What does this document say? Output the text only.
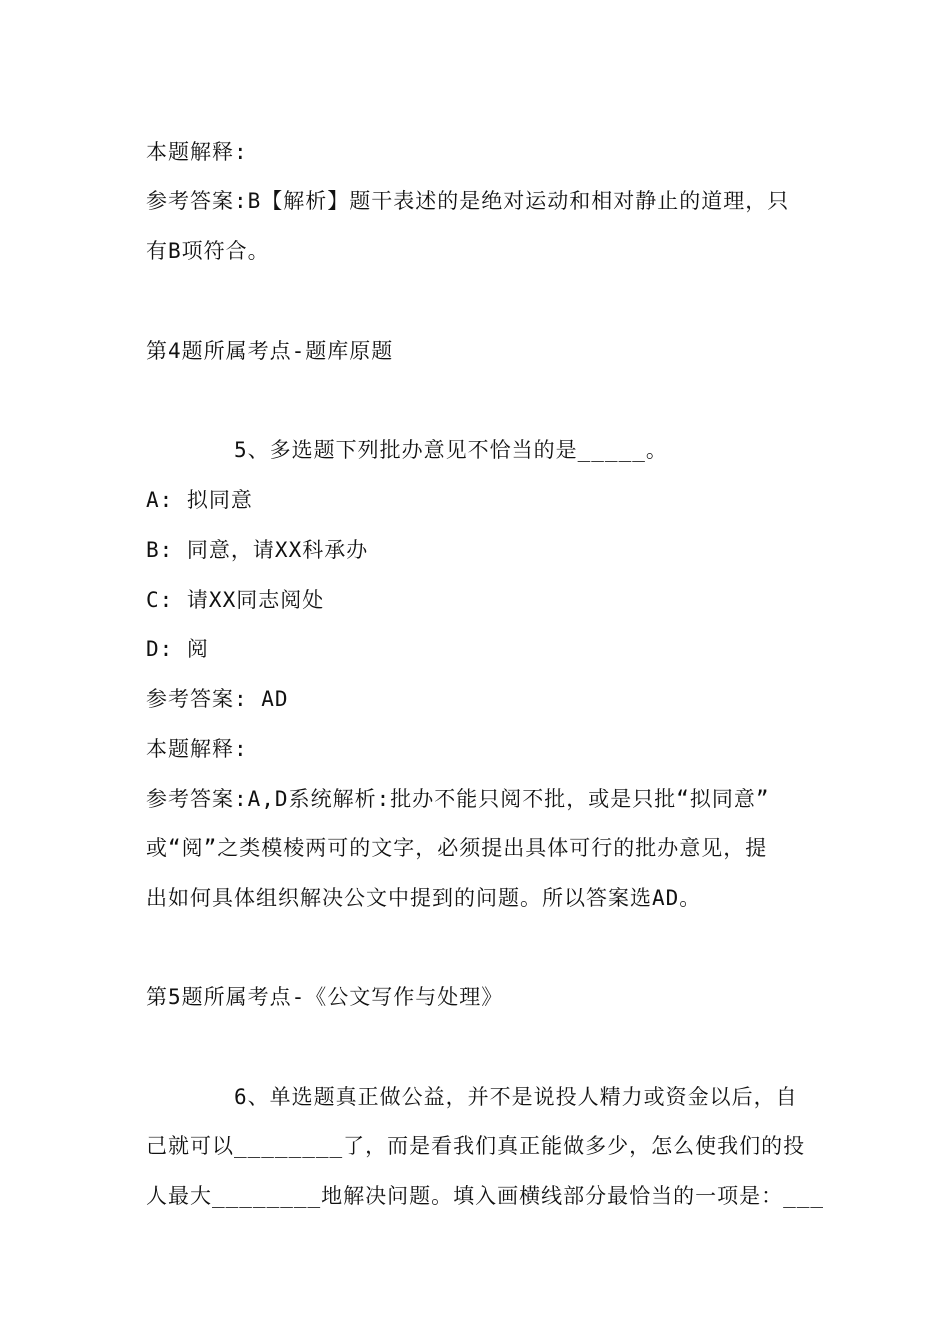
本题解释:
参考答案:B【解析】题干表述的是绝对运动和相对静止的道理，只
有B项符合。
第4题所属考点-题库原题
5、多选题下列批办意见不恰当的是_____。
A: 拟同意
B: 同意，请XX科承办
C: 请XX同志阅处
D: 阅
参考答案: AD
本题解释:
参考答案:A,D系统解析:批办不能只阅不批，或是只批“拟同意”
或“阅”之类模棱两可的文字，必须提出具体可行的批办意见，提
出如何具体组织解决公文中提到的问题。所以答案选AD。
第5题所属考点-《公文写作与处理》
6、单选题真正做公益，并不是说投人精力或资金以后，自
己就可以________了，而是看我们真正能做多少，怎么使我们的投
人最大________地解决问题。填入画横线部分最恰当的一项是：___
